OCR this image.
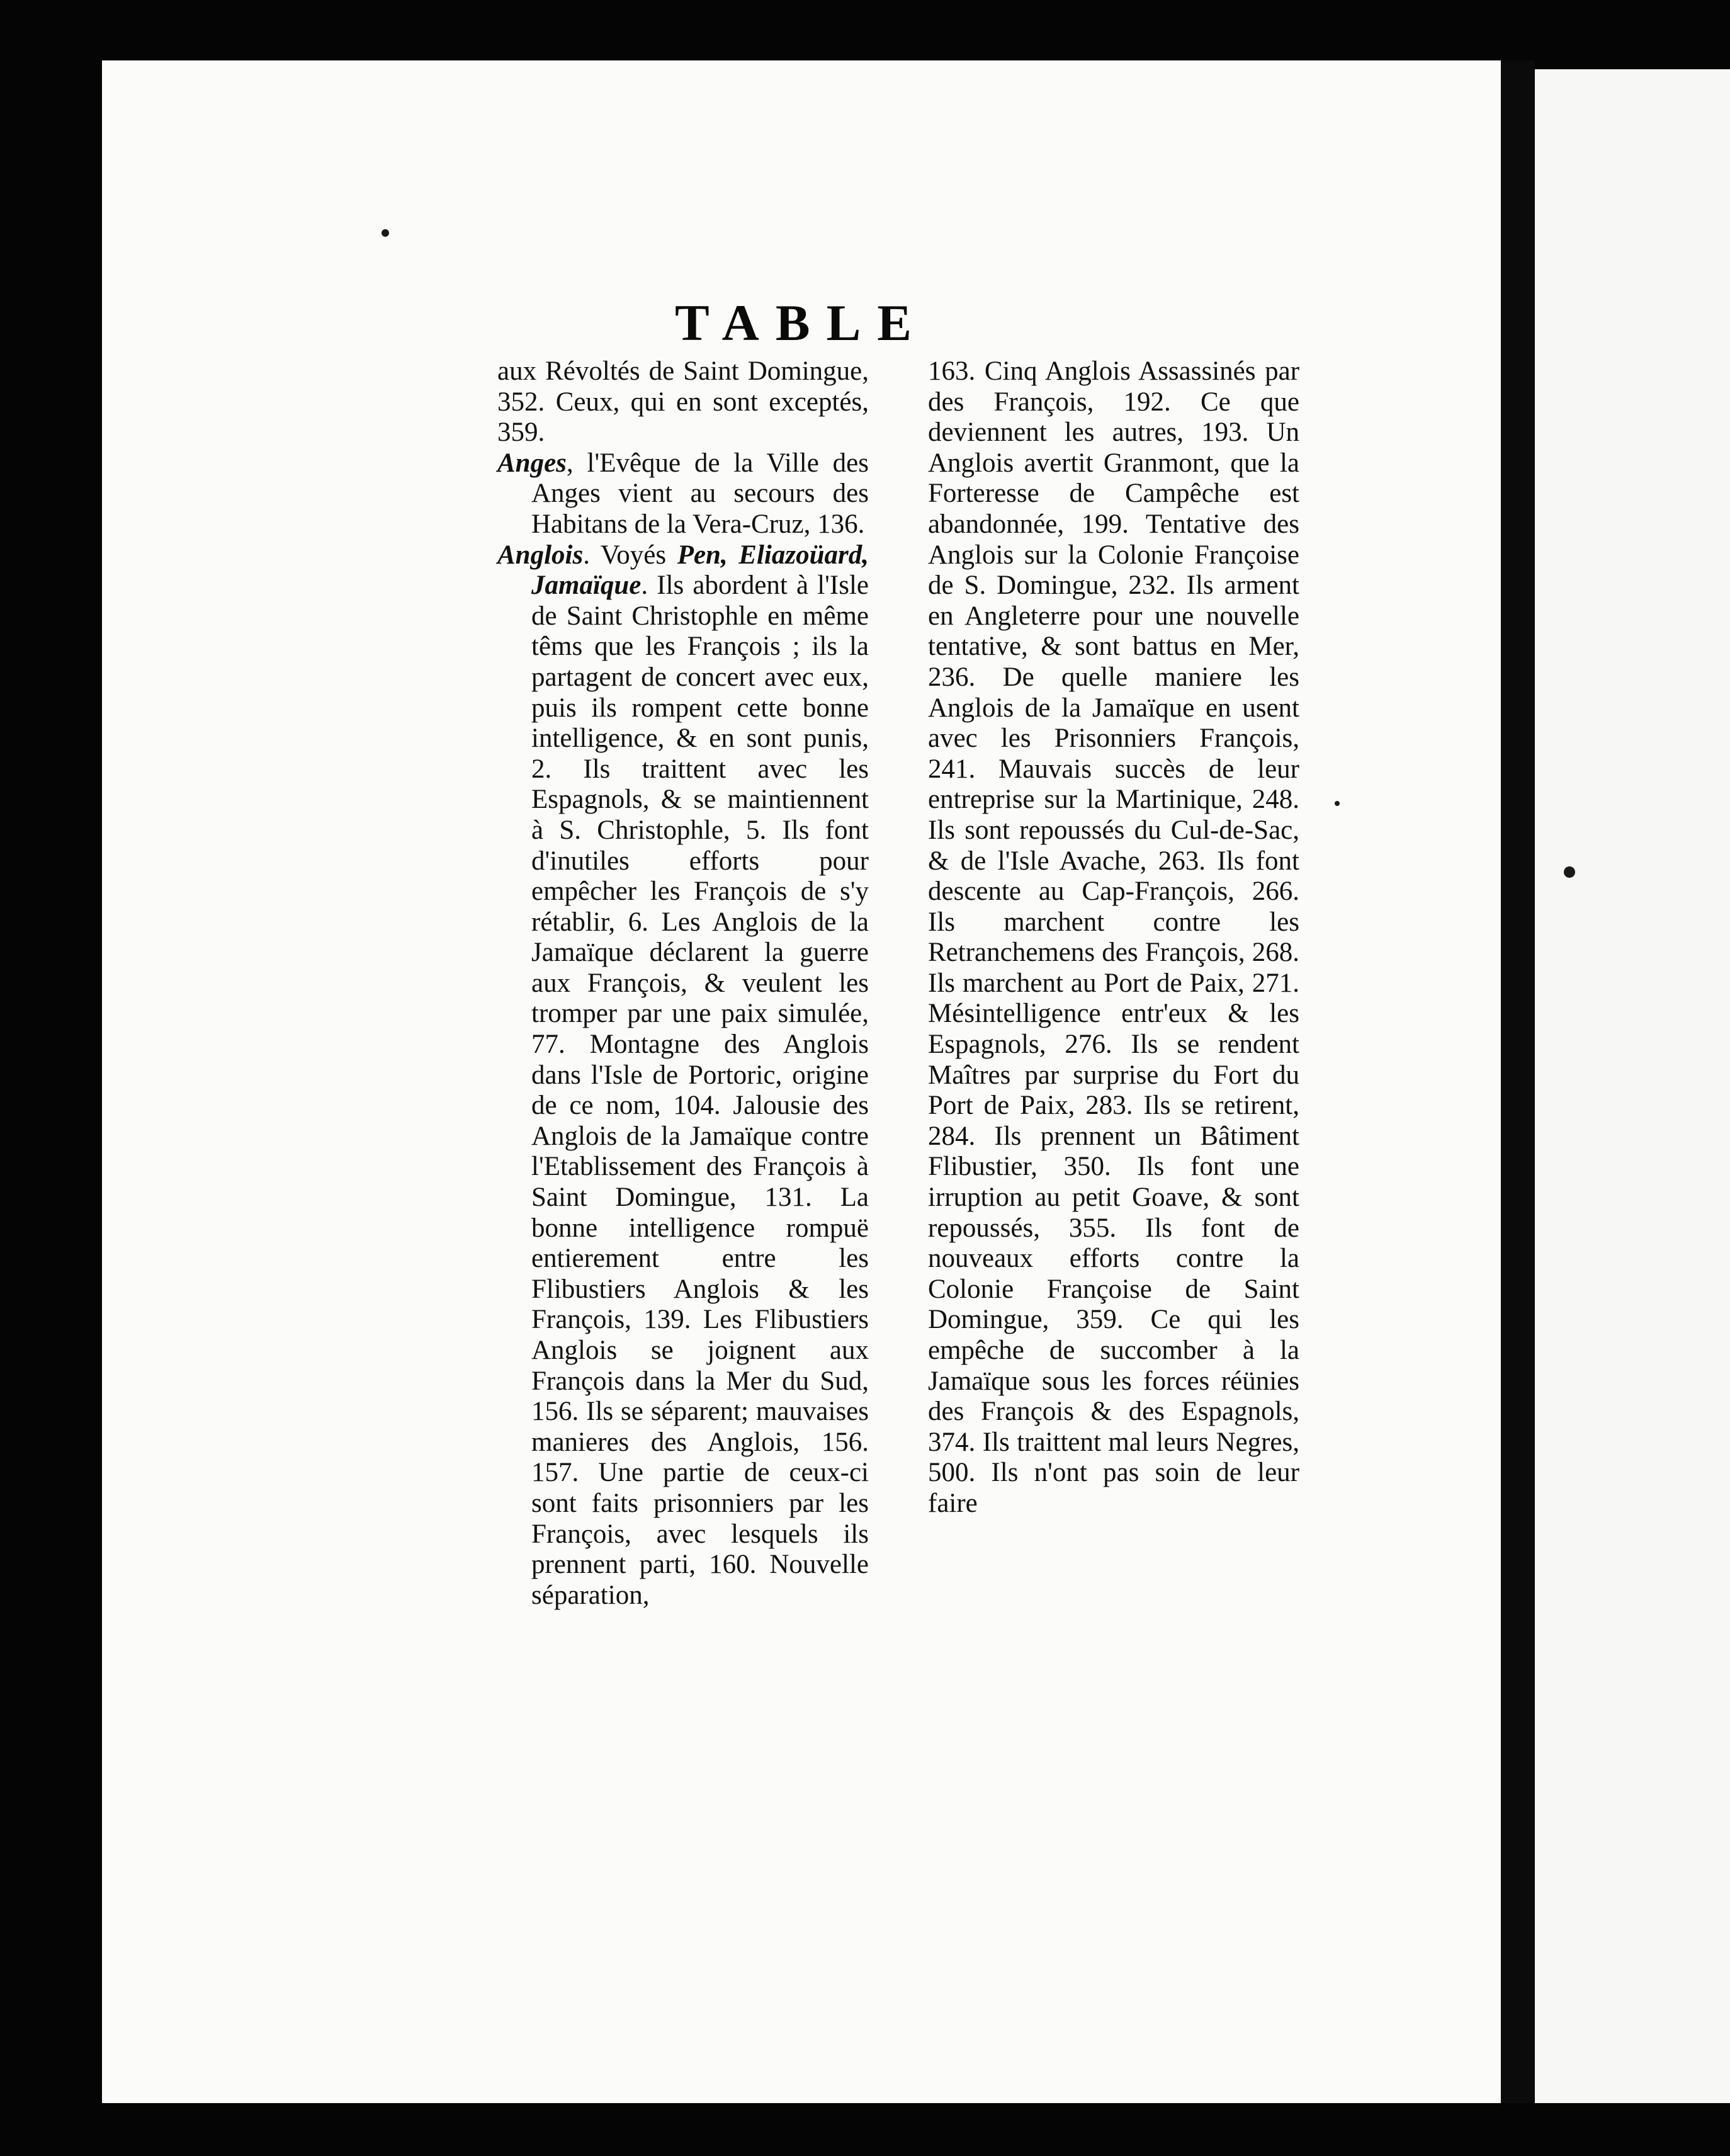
TABLE

aux Révoltés de Saint Domingue, 352. Ceux, qui en sont exceptés, 359.

Anges, l'Evêque de la Ville des Anges vient au secours des Habitans de la Vera-Cruz, 136.

Anglois. Voyés Pen, Eliazoüard, Jamaïque. Ils abordent à l'Isle de Saint Christophle en même têms que les François ; ils la partagent de concert avec eux, puis ils rompent cette bonne intelligence, & en sont punis, 2. Ils traittent avec les Espagnols, & se maintiennent à S. Christophle, 5. Ils font d'inutiles efforts pour empêcher les François de s'y rétablir, 6. Les Anglois de la Jamaïque déclarent la guerre aux François, & veulent les tromper par une paix simulée, 77. Montagne des Anglois dans l'Isle de Portoric, origine de ce nom, 104. Jalousie des Anglois de la Jamaïque contre l'Etablissement des François à Saint Domingue, 131. La bonne intelligence rompuë entierement entre les Flibustiers Anglois & les François, 139. Les Flibustiers Anglois se joignent aux François dans la Mer du Sud, 156. Ils se séparent; mauvaises manieres des Anglois, 156. 157. Une partie de ceux-ci sont faits prisonniers par les François, avec lesquels ils prennent parti, 160. Nouvelle séparation,

163. Cinq Anglois Assassinés par des François, 192. Ce que deviennent les autres, 193. Un Anglois avertit Granmont, que la Forteresse de Campêche est abandonnée, 199. Tentative des Anglois sur la Colonie Françoise de S. Domingue, 232. Ils arment en Angleterre pour une nouvelle tentative, & sont battus en Mer, 236. De quelle maniere les Anglois de la Jamaïque en usent avec les Prisonniers François, 241. Mauvais succès de leur entreprise sur la Martinique, 248. Ils sont repoussés du Cul-de-Sac, & de l'Isle Avache, 263. Ils font descente au Cap-François, 266. Ils marchent contre les Retranchemens des François, 268. Ils marchent au Port de Paix, 271. Mésintelligence entr'eux & les Espagnols, 276. Ils se rendent Maîtres par surprise du Fort du Port de Paix, 283. Ils se retirent, 284. Ils prennent un Bâtiment Flibustier, 350. Ils font une irruption au petit Goave, & sont repoussés, 355. Ils font de nouveaux efforts contre la Colonie Françoise de Saint Domingue, 359. Ce qui les empêche de succomber à la Jamaïque sous les forces réünies des François & des Espagnols, 374. Ils traittent mal leurs Negres, 500. Ils n'ont pas soin de leur faire
